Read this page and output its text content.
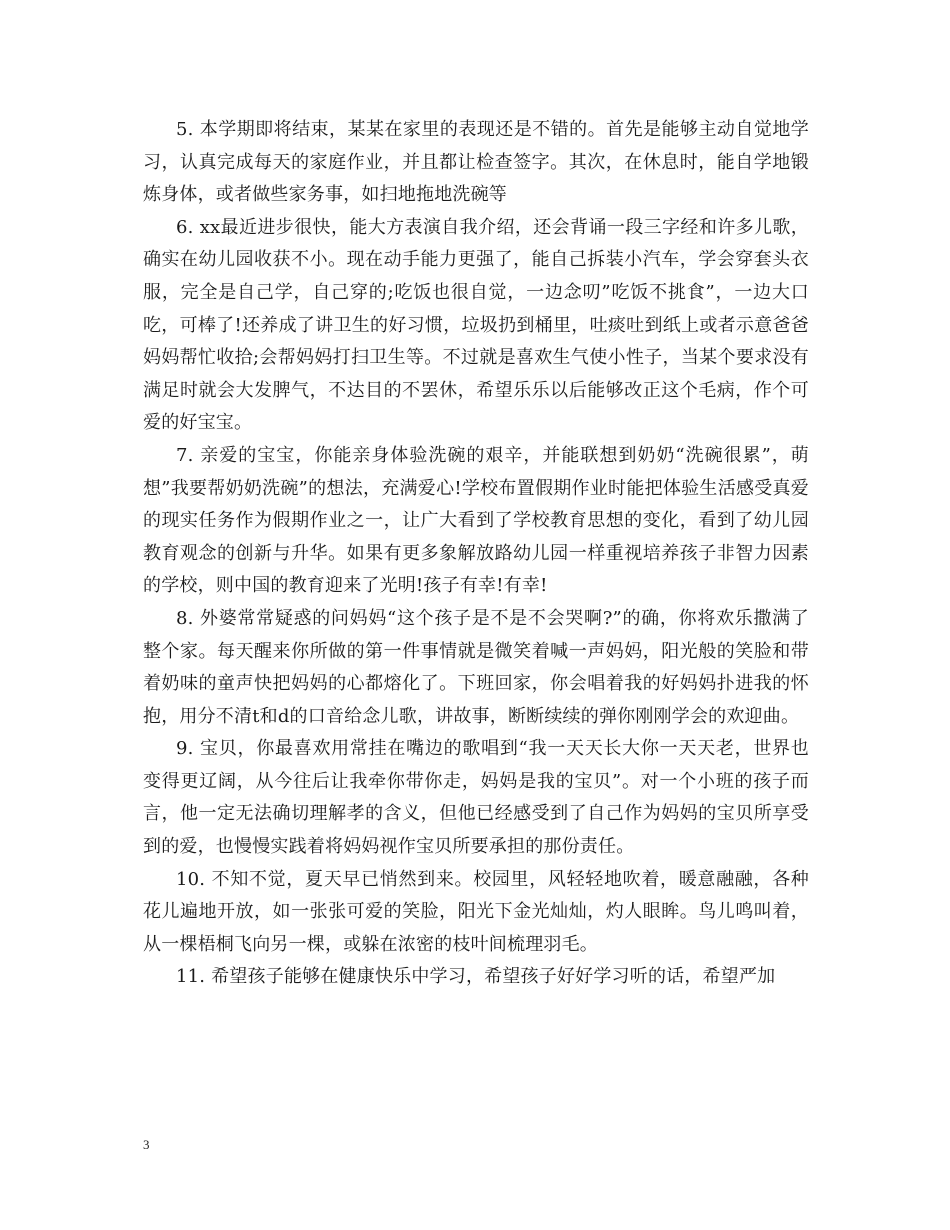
5. 本学期即将结束，某某在家里的表现还是不错的。首先是能够主动自觉地学习，认真完成每天的家庭作业，并且都让检查签字。其次，在休息时，能自学地锻炼身体，或者做些家务事，如扫地拖地洗碗等

6. xx最近进步很快，能大方表演自我介绍，还会背诵一段三字经和许多儿歌，确实在幼儿园收获不小。现在动手能力更强了，能自己拆装小汽车，学会穿套头衣服，完全是自己学，自己穿的;吃饭也很自觉，一边念叨”吃饭不挑食”，一边大口吃，可棒了!还养成了讲卫生的好习惯，垃圾扔到桶里，吐痰吐到纸上或者示意爸爸妈妈帮忙收拾;会帮妈妈打扫卫生等。不过就是喜欢生气使小性子，当某个要求没有满足时就会大发脾气，不达目的不罢休，希望乐乐以后能够改正这个毛病，作个可爱的好宝宝。

7. 亲爱的宝宝，你能亲身体验洗碗的艰辛，并能联想到奶奶“洗碗很累”，萌想”我要帮奶奶洗碗”的想法，充满爱心!学校布置假期作业时能把体验生活感受真爱的现实任务作为假期作业之一，让广大看到了学校教育思想的变化，看到了幼儿园教育观念的创新与升华。如果有更多象解放路幼儿园一样重视培养孩子非智力因素的学校，则中国的教育迎来了光明!孩子有幸!有幸!

8. 外婆常常疑惑的问妈妈“这个孩子是不是不会哭啊?”的确，你将欢乐撒满了整个家。每天醒来你所做的第一件事情就是微笑着喊一声妈妈，阳光般的笑脸和带着奶味的童声快把妈妈的心都熔化了。下班回家，你会唱着我的好妈妈扑进我的怀抱，用分不清t和d的口音给念儿歌，讲故事，断断续续的弹你刚刚学会的欢迎曲。

9. 宝贝，你最喜欢用常挂在嘴边的歌唱到“我一天天长大你一天天老，世界也变得更辽阔，从今往后让我牵你带你走，妈妈是我的宝贝”。对一个小班的孩子而言，他一定无法确切理解孝的含义，但他已经感受到了自己作为妈妈的宝贝所享受到的爱，也慢慢实践着将妈妈视作宝贝所要承担的那份责任。

10. 不知不觉，夏天早已悄然到来。校园里，风轻轻地吹着，暖意融融，各种花儿遍地开放，如一张张可爱的笑脸，阳光下金光灿灿，灼人眼眸。鸟儿鸣叫着，从一棵梧桐飞向另一棵，或躲在浓密的枝叶间梳理羽毛。

11. 希望孩子能够在健康快乐中学习，希望孩子好好学习听的话，希望严加

3
